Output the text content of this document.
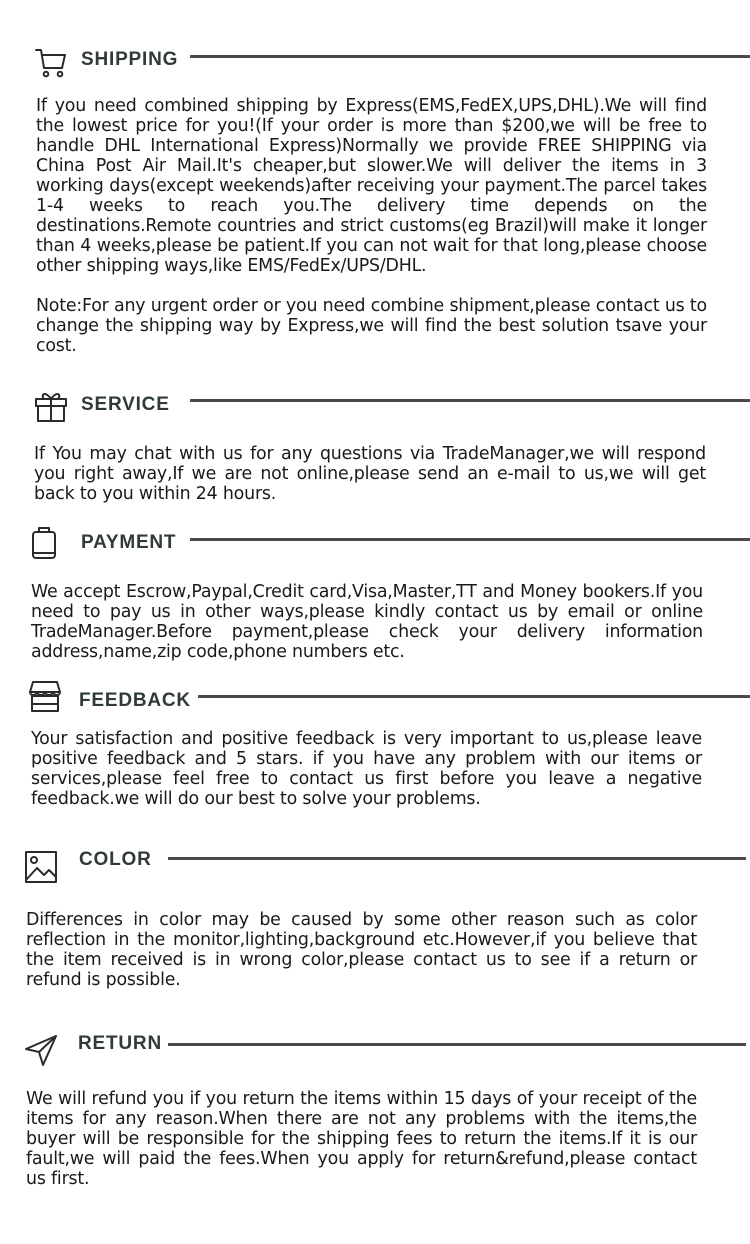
SHIPPING

If you need combined shipping by Express(EMS,FedEX,UPS,DHL).We will find the lowest price for you!(If your order is more than $200,we will be free to handle DHL International Express)Normally we provide FREE SHIPPING via China Post Air Mail.It's cheaper,but slower.We will deliver the items in 3 working days(except weekends)after receiving your payment.The parcel takes 1-4 weeks to reach you.The delivery time depends on the destinations.Remote countries and strict customs(eg Brazil)will make it longer than 4 weeks,please be patient.If you can not wait for that long,please choose other shipping ways,like EMS/FedEx/UPS/DHL.

Note:For any urgent order or you need combine shipment,please contact us to change the shipping way by Express,we will find the best solution tsave your cost.

SERVICE

If You may chat with us for any questions via TradeManager,we will respond you right away,If we are not online,please send an e-mail to us,we will get back to you within 24 hours.

PAYMENT

We accept Escrow,Paypal,Credit card,Visa,Master,TT and Money bookers.If you need to pay us in other ways,please kindly contact us by email or online TradeManager.Before payment,please check your delivery information address,name,zip code,phone numbers etc.

FEEDBACK

Your satisfaction and positive feedback is very important to us,please leave positive feedback and 5 stars. if you have any problem with our items or services,please feel free to contact us first before you leave a negative feedback.we will do our best to solve your problems.

COLOR

Differences in color may be caused by some other reason such as color reflection in the monitor,lighting,background etc.However,if you believe that the item received is in wrong color,please contact us to see if a return or refund is possible.

RETURN

We will refund you if you return the items within 15 days of your receipt of the items for any reason.When there are not any problems with the items,the buyer will be responsible for the shipping fees to return the items.If it is our fault,we will paid the fees.When you apply for return&refund,please contact us first.
